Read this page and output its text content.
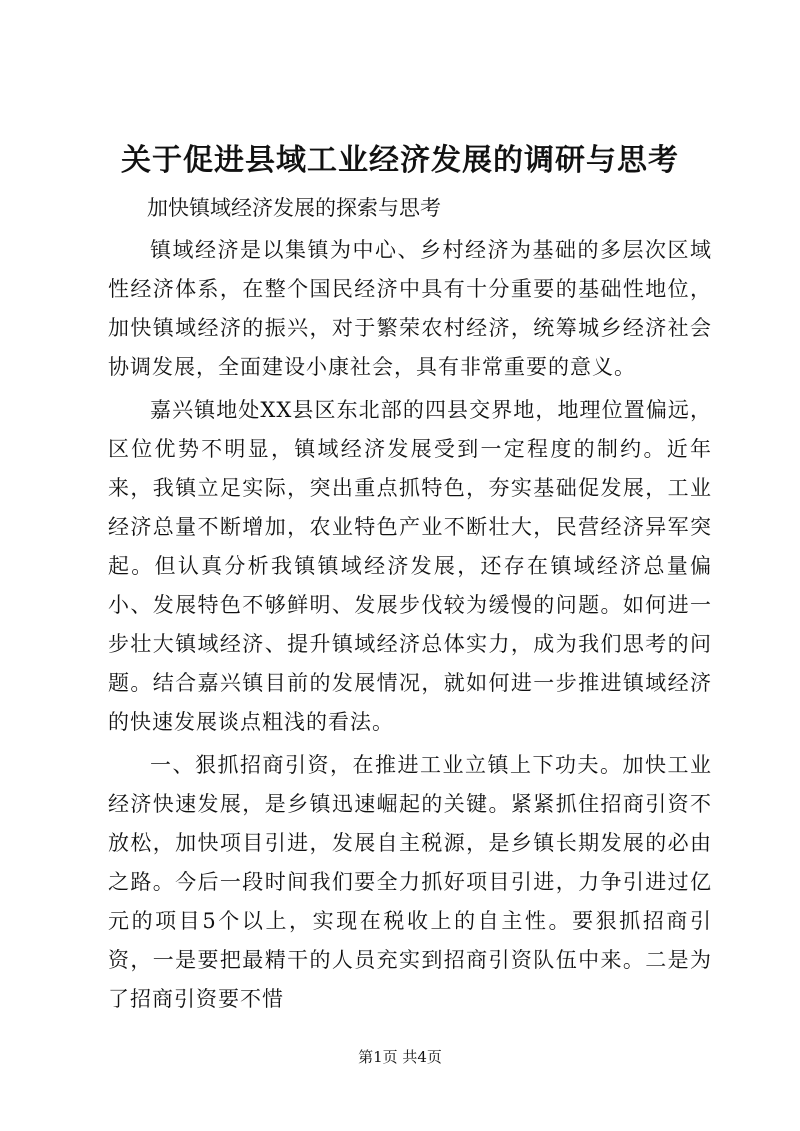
关于促进县域工业经济发展的调研与思考

加快镇域经济发展的探索与思考

镇域经济是以集镇为中心、乡村经济为基础的多层次区域性经济体系，在整个国民经济中具有十分重要的基础性地位，加快镇域经济的振兴，对于繁荣农村经济，统筹城乡经济社会协调发展，全面建设小康社会，具有非常重要的意义。

嘉兴镇地处XX县区东北部的四县交界地，地理位置偏远，区位优势不明显，镇域经济发展受到一定程度的制约。近年来，我镇立足实际，突出重点抓特色，夯实基础促发展，工业经济总量不断增加，农业特色产业不断壮大，民营经济异军突起。但认真分析我镇镇域经济发展，还存在镇域经济总量偏小、发展特色不够鲜明、发展步伐较为缓慢的问题。如何进一步壮大镇域经济、提升镇域经济总体实力，成为我们思考的问题。结合嘉兴镇目前的发展情况，就如何进一步推进镇域经济的快速发展谈点粗浅的看法。

一、狠抓招商引资，在推进工业立镇上下功夫。加快工业经济快速发展，是乡镇迅速崛起的关键。紧紧抓住招商引资不放松，加快项目引进，发展自主税源，是乡镇长期发展的必由之路。今后一段时间我们要全力抓好项目引进，力争引进过亿元的项目5个以上，实现在税收上的自主性。要狠抓招商引资，一是要把最精干的人员充实到招商引资队伍中来。二是为了招商引资要不惜

第1页 共4页
